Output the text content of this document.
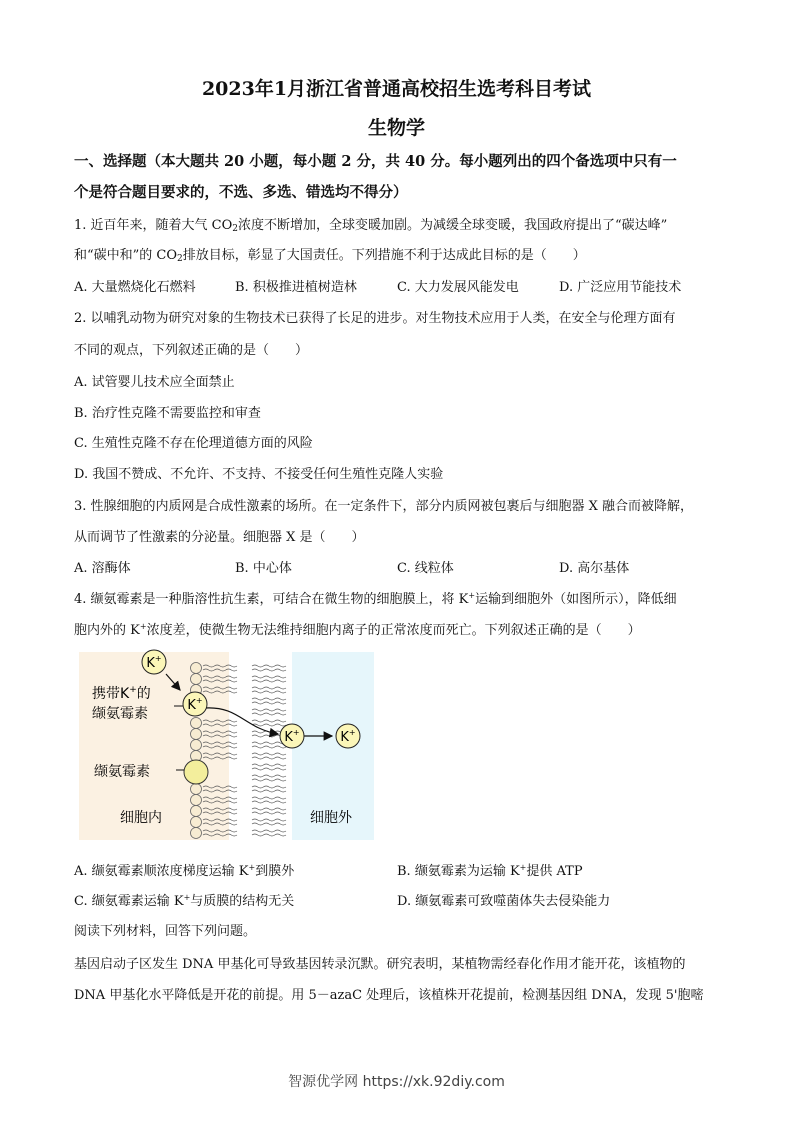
2023年1月浙江省普通高校招生选考科目考试
生物学
一、选择题（本大题共 20 小题，每小题 2 分，共 40 分。每小题列出的四个备选项中只有一
个是符合题目要求的，不选、多选、错选均不得分）
1. 近百年来，随着大气 $CO_2$浓度不断增加，全球变暖加剧。为减缓全球变暖，我国政府提出了“碳达峰”
和“碳中和”的 $CO_2$排放目标，彰显了大国责任。下列措施不利于达成此目标的是（　　）
A. 大量燃烧化石燃料	B. 积极推进植树造林	C. 大力发展风能发电	D. 广泛应用节能技术
2. 以哺乳动物为研究对象的生物技术已获得了长足的进步。对生物技术应用于人类，在安全与伦理方面有
不同的观点，下列叙述正确的是（　　）
A. 试管婴儿技术应全面禁止
B. 治疗性克隆不需要监控和审查
C. 生殖性克隆不存在伦理道德方面的风险
D. 我国不赞成、不允许、不支持、不接受任何生殖性克隆人实验
3. 性腺细胞的内质网是合成性激素的场所。在一定条件下，部分内质网被包裹后与细胞器 X 融合而被降解，
从而调节了性激素的分泌量。细胞器 X 是（　　）
A. 溶酶体	B. 中心体	C. 线粒体	D. 高尔基体
4. 缬氨霉素是一种脂溶性抗生素，可结合在微生物的细胞膜上，将 K+运输到细胞外（如图所示），降低细
胞内外的 K+浓度差，使微生物无法维持细胞内离子的正常浓度而死亡。下列叙述正确的是（　　）
K+
K+
K+	K+
携带K+的
缬氨霉素
缬氨霉素
细胞内	细胞外
A. 缬氨霉素顺浓度梯度运输 K+到膜外	B. 缬氨霉素为运输 K+提供 ATP
C. 缬氨霉素运输 K+与质膜的结构无关	D. 缬氨霉素可致噬菌体失去侵染能力
阅读下列材料，回答下列问题。
基因启动子区发生 DNA 甲基化可导致基因转录沉默。研究表明，某植物需经春化作用才能开花，该植物的
DNA 甲基化水平降低是开花的前提。用 5－azaC 处理后，该植株开花提前，检测基因组 DNA，发现 5'胞嘧
智源优学网 https://xk.92diy.com
